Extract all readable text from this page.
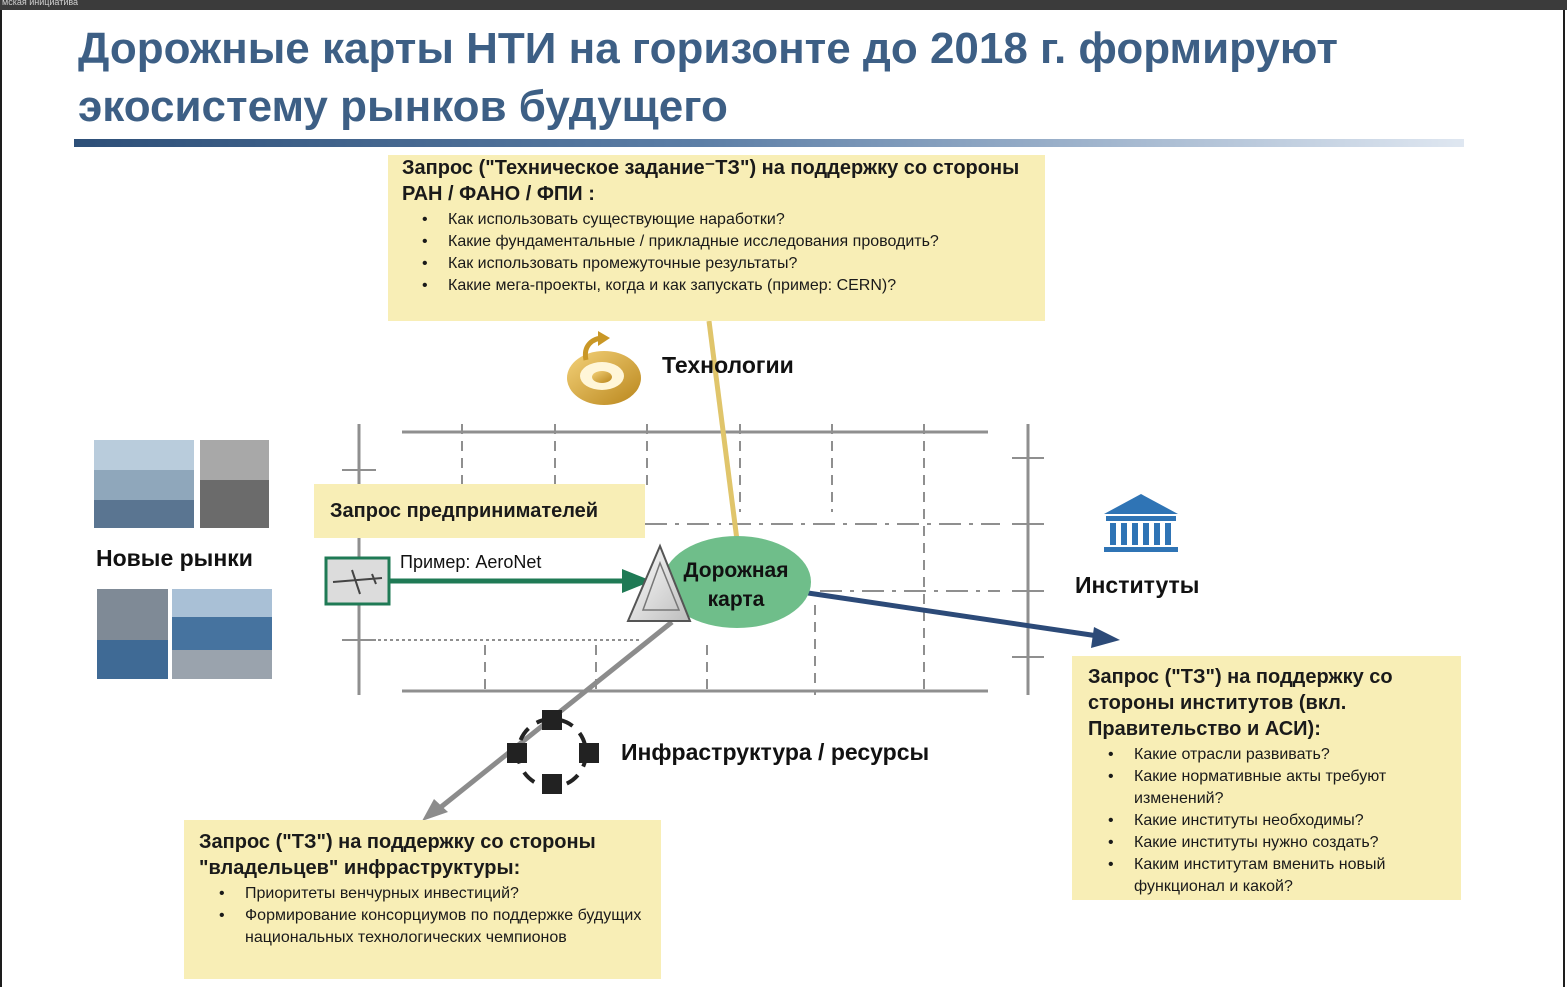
мская инициатива
Дорожные карты НТИ на горизонте до 2018 г. формируют экосистему рынков будущего
Запрос ("Техническое задание⁻ТЗ") на поддержку со стороны РАН / ФАНО / ФПИ :
• Как использовать существующие наработки?
• Какие фундаментальные / прикладные исследования проводить?
• Как использовать промежуточные результаты?
• Какие мега-проекты, когда и как запускать (пример: CERN)?
Технологии
Новые рынки
Запрос предпринимателей
Пример: AeroNet	Дорожная карта
Институты
Инфраструктура / ресурсы
Запрос ("ТЗ") на поддержку со стороны институтов (вкл. Правительство и АСИ):
• Какие отрасли развивать?
• Какие нормативные акты требуют изменений?
• Какие институты необходимы?
• Какие институты нужно создать?
• Каким институтам вменить новый функционал и какой?
Запрос ("ТЗ") на поддержку со стороны "владельцев" инфраструктуры:
• Приоритеты венчурных инвестиций?
• Формирование консорциумов по поддержке будущих национальных технологических чемпионов
